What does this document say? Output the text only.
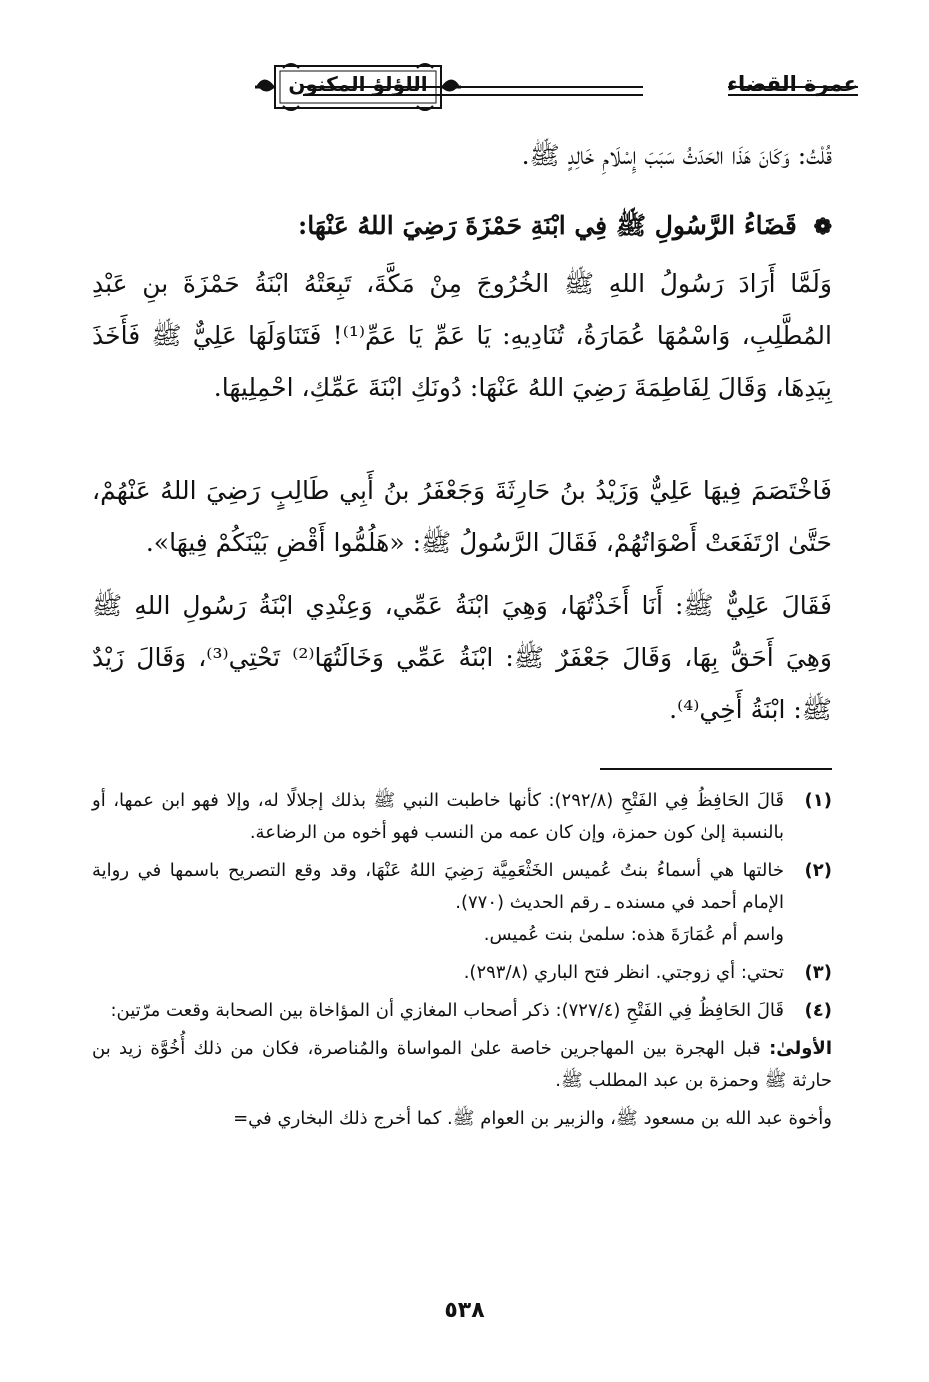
عمرة القضاء
اللؤلؤ المكنون

قُلْتُ: وَكَانَ هَذَا الحَدَثُ سَبَبَ إِسْلَامِ خَالِدٍ ﷺ.

❁ قَضَاءُ الرَّسُولِ ﷺ فِي ابْنَةِ حَمْزَةَ رَضِيَ اللهُ عَنْهَا:

وَلَمَّا أَرَادَ رَسُولُ اللهِ ﷺ الخُرُوجَ مِنْ مَكَّةَ، تَبِعَتْهُ ابْنَةُ حَمْزَةَ بنِ عَبْدِ المُطَّلِبِ، وَاسْمُهَا عُمَارَةُ، تُنَادِيهِ: يَا عَمِّ يَا عَمِّ⁽¹⁾! فَتَنَاوَلَهَا عَلِيٌّ ﷺ فَأَخَذَ بِيَدِهَا، وَقَالَ لِفَاطِمَةَ رَضِيَ اللهُ عَنْهَا: دُونَكِ ابْنَةَ عَمِّكِ، احْمِلِيهَا.

فَاخْتَصَمَ فِيهَا عَلِيٌّ وَزَيْدُ بنُ حَارِثَةَ وَجَعْفَرُ بنُ أَبِي طَالِبٍ رَضِيَ اللهُ عَنْهُمْ، حَتَّىٰ ارْتَفَعَتْ أَصْوَاتُهُمْ، فَقَالَ الرَّسُولُ ﷺ: «هَلُمُّوا أَقْضِ بَيْنَكُمْ فِيهَا».

فَقَالَ عَلِيٌّ ﷺ: أَنَا أَخَذْتُهَا، وَهِيَ ابْنَةُ عَمِّي، وَعِنْدِي ابْنَةُ رَسُولِ اللهِ ﷺ وَهِيَ أَحَقُّ بِهَا، وَقَالَ جَعْفَرٌ ﷺ: ابْنَةُ عَمِّي وَخَالَتُهَا⁽²⁾ تَحْتِي⁽³⁾، وَقَالَ زَيْدٌ ﷺ: ابْنَةُ أَخِي⁽⁴⁾.

(١)
قَالَ الحَافِظُ فِي الفَتْحِ (٢٩٢/٨): كأنها خاطبت النبي ﷺ بذلك إجلالًا له، وإلا فهو ابن عمها، أو بالنسبة إلىٰ كون حمزة، وإن كان عمه من النسب فهو أخوه من الرضاعة.
(٢)
خالتها هي أسماءُ بنتُ عُميس الخَثْعَمِيَّة رَضِيَ اللهُ عَنْهَا، وقد وقع التصريح باسمها في رواية الإمام أحمد في مسنده ـ رقم الحديث (٧٧٠).
واسم أم عُمَارَةَ هذه: سلمىٰ بنت عُميس.
(٣)
تحتي: أي زوجتي. انظر فتح الباري (٢٩٣/٨).
(٤)
قَالَ الحَافِظُ فِي الفَتْحِ (٧٢٧/٤): ذكر أصحاب المغازي أن المؤاخاة بين الصحابة وقعت مرّتين:
الأولىٰ: قبل الهجرة بين المهاجرين خاصة علىٰ المواساة والمُناصرة، فكان من ذلك أُخُوَّة زيد بن حارثة ﷺ وحمزة بن عبد المطلب ﷺ.
وأخوة عبد الله بن مسعود ﷺ، والزبير بن العوام ﷺ. كما أخرج ذلك البخاري في=
٥٣٨
